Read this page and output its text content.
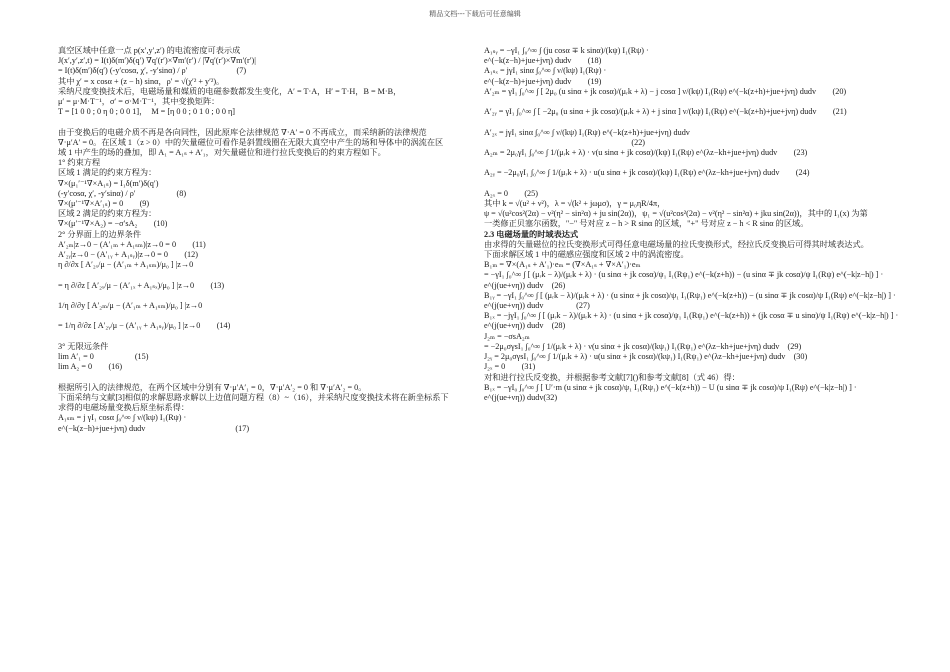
精品文档---下载后可任意编辑
真空区域中任意一点 p(x′,y′,z′) 的电流密度可表示成
J(x′,y′,z′,t) = I(t)δ(m′)δ(q′) ∇q′(r′)×∇m′(r′) / |∇q′(r′)×∇m′(r′)|
= I(t)δ(m′)δ(q′) (-y′cosα, χ′, -y′sinα) / ρ′　　　　　　(7)
其中 χ′ = x cosα + (z − h) sinα，ρ′ = √(χ′² + y′²)。
采纳尺度变换技术后，电磁场量和媒质的电磁参数都发生变化，A′ = T·A，H′ = T·H，B = M·B，
μ′ = μ·M·T⁻¹，σ′ = σ·M·T⁻¹，其中变换矩阵：
T = [1 0 0 ; 0 η 0 ; 0 0 1]，　M = [η 0 0 ; 0 1 0 ; 0 0 η]

由于变换后的电磁介质不再是各向同性，因此原库仑法律规范 ∇·A′ = 0 不再成立，而采纳新的法律规范
∇·μ′A′ = 0。在区域 1（z > 0）中的矢量磁位可看作是斜置线圈在无限大真空中产生的场和导体中的涡流在区
域 1 中产生的场的叠加，即 A₁ = A₁ₛ + A′₁，对矢量磁位和进行拉氏变换后的约束方程如下。
1° 约束方程
区域 1 满足的约束方程为：
∇×(μ₁′⁻¹∇×A₁ₛ) = I₁δ(m′)δ(q′)
(-y′cosα, χ′, -y′sinα) / ρ′　　　　　(8)
∇×(μ′⁻¹∇×A′₁ₛ) = 0　　(9)
区域 2 满足的约束方程为：
∇×(μ′⁻¹∇×A₂) = −σ′sA₂　　(10)
2° 分界面上的边界条件
A′₂ₘ|z→0 − (A′₁ₘ + A₁ₛₘ)|z→0 = 0　　(11)
A′₂ᵧ|z→0 − (A′₁ᵧ + A₁ₛᵧ)|z→0 = 0　　(12)
η ∂/∂x [ A′₂ₓ/μ − (A′₁ₘ + A₁ₛₘ)/μ₀ ] |z→0

= η ∂/∂z [ A′₂ₓ/μ − (A′₁ₓ + A₁ₛₓ)/μ₀ ] |z→0　　(13)

1/η ∂/∂y [ A′₂ₘ/μ − (A′₁ₘ + A₁ₛₘ)/μ₀ ] |z→0

= 1/η ∂/∂z [ A′₂ᵧ/μ − (A′₁ᵧ + A₁ₛᵧ)/μ₀ ] |z→0　　(14)

3° 无限远条件
lim A′₁ = 0　　　　　(15)
lim A₂ = 0　　(16)

根据所引入的法律规范，在两个区域中分别有 ∇·μ′A′₁ = 0，∇·μ′A′₂ = 0 和 ∇·μ′A′₂ = 0。
下面采纳与文献[3]相似的求解思路求解以上边值问题方程（8）~（16），并采纳尺度变换技术将在新坐标系下
求得的电磁场量变换后原坐标系得：
A₁ₛₘ = j γI₁ cosα ∫₀^∞ ∫ ν/(kψ) I₁(Rψ) ·
e^(−k(z−h)+jue+jνη) dudv　　　　　　　　　　　(17)
A₁ₛᵧ = −γI₁ ∫₀^∞ ∫ (ju cosα ∓ k sinα)/(kψ) I₁(Rψ) ·
e^(−k(z−h)+jue+jνη) dudv　　(18)
A₁ₛₓ = jγI₁ sinα ∫₀^∞ ∫ ν/(kψ) I₁(Rψ) ·
e^(−k(z−h)+jue+jνη) dudv　　(19)
A′₂ₘ = γI₁ ∫₀^∞ ∫ [ 2μ₀ (u sinα + jk cosα)/(μᵣk + λ) − j cosα ] ν/(kψ) I₁(Rψ) e^(−k(z+h)+jue+jνη) dudv　　(20)

A′₂ᵧ = γI₁ ∫₀^∞ ∫ [ −2μ₀ (u sinα + jk cosα)/(μᵣk + λ) + j sinα ] ν/(kψ) I₁(Rψ) e^(−k(z+h)+jue+jνη) dudv　　(21)

A′₂ₓ = jγI₁ sinα ∫₀^∞ ∫ ν/(kψ) I₁(Rψ) e^(−k(z+h)+jue+jνη) dudv
　　　　　　　　　　　　　　　　　　(22)
A₂ₘ = 2μ₀γI₁ ∫₀^∞ ∫ 1/(μᵣk + λ) · ν(u sinα + jk cosα)/(kψ) I₁(Rψ) e^(λz−kh+jue+jνη) dudv　　(23)

A₂ᵧ = −2μ₀γI₁ ∫₀^∞ ∫ 1/(μᵣk + λ) · u(u sinα + jk cosα)/(kψ) I₁(Rψ) e^(λz−kh+jue+jνη) dudv　　(24)

A₂ₓ = 0　　(25)
其中 k = √(u² + ν²)，λ = √(k² + jωμσ)，γ = μ₀ηR/4π，
ψ = √(u²cos²(2α) − ν²(η² − sin²α) + ju sin(2α))，ψ₁ = √(u²cos²(2α) − ν²(η² − sin²α) + jku sin(2α))，其中的 I₁(x) 为第
一类修正贝塞尔函数，"−" 号对应 z − h > R sinα 的区域，"+" 号对应 z − h < R sinα 的区域。
2.3 电磁场量的时域表达式
由求得的矢量磁位的拉氏变换形式可得任意电磁场量的拉氏变换形式，经拉氏反变换后可得其时域表达式。
下面求解区域 1 中的磁感应强度和区域 2 中的涡流密度。
B₁ₘ = ∇×(A₁ₛ + A′₁)·eₘ = (∇×A₁ₛ + ∇×A′₁)·eₘ
= −γI₁ ∫₀^∞ ∫ [ (μᵣk − λ)/(μᵣk + λ) · (u sinα + jk cosα)/ψ₁ I₁(Rψ₁) e^(−k(z+h)) − (u sinα ∓ jk cosα)/ψ I₁(Rψ) e^(−k|z−h|) ] ·
e^(j(ue+νη)) dudv　(26)
B₁ᵧ = −γI₁ ∫₀^∞ ∫ [ (μᵣk − λ)/(μᵣk + λ) · (u sinα + jk cosα)/ψ₁ I₁(Rψ₁) e^(−k(z+h)) − (u sinα ∓ jk cosα)/ψ I₁(Rψ) e^(−k|z−h|) ] ·
e^(j(ue+νη)) dudv　　　　(27)
B₁ₓ = −jγI₁ ∫₀^∞ ∫ [ (μᵣk − λ)/(μᵣk + λ) · (u sinα + jk cosα)/ψ₁ I₁(Rψ₁) e^(−k(z+h)) + (jk cosα ∓ u sinα)/ψ I₁(Rψ) e^(−k|z−h|) ] ·
e^(j(ue+νη)) dudv　(28)
J₂ₘ = −σsA₂ₘ
= −2μ₀σγsI₁ ∫₀^∞ ∫ 1/(μᵣk + λ) · ν(u sinα + jk cosα)/(kψ₁) I₁(Rψ₁) e^(λz−kh+jue+jνη) dudv　(29)
J₂ᵧ = 2μ₀σγsI₁ ∫₀^∞ ∫ 1/(μᵣk + λ) · u(u sinα + jk cosα)/(kψ₁) I₁(Rψ₁) e^(λz−kh+jue+jνη) dudv　(30)
J₂ₓ = 0　　(31)
对和进行拉氏反变换，并根据参考文献[7]()和参考文献[8]（式 46）得：
B₁ₓ = −γI₀ ∫₀^∞ ∫ [ U′·m (u sinα + jk cosα)/ψ₁ I₁(Rψ₁) e^(−k(z+h)) − U (u sinα ∓ jk cosα)/ψ I₁(Rψ) e^(−k|z−h|) ] ·
e^(j(ue+νη)) dudv(32)
